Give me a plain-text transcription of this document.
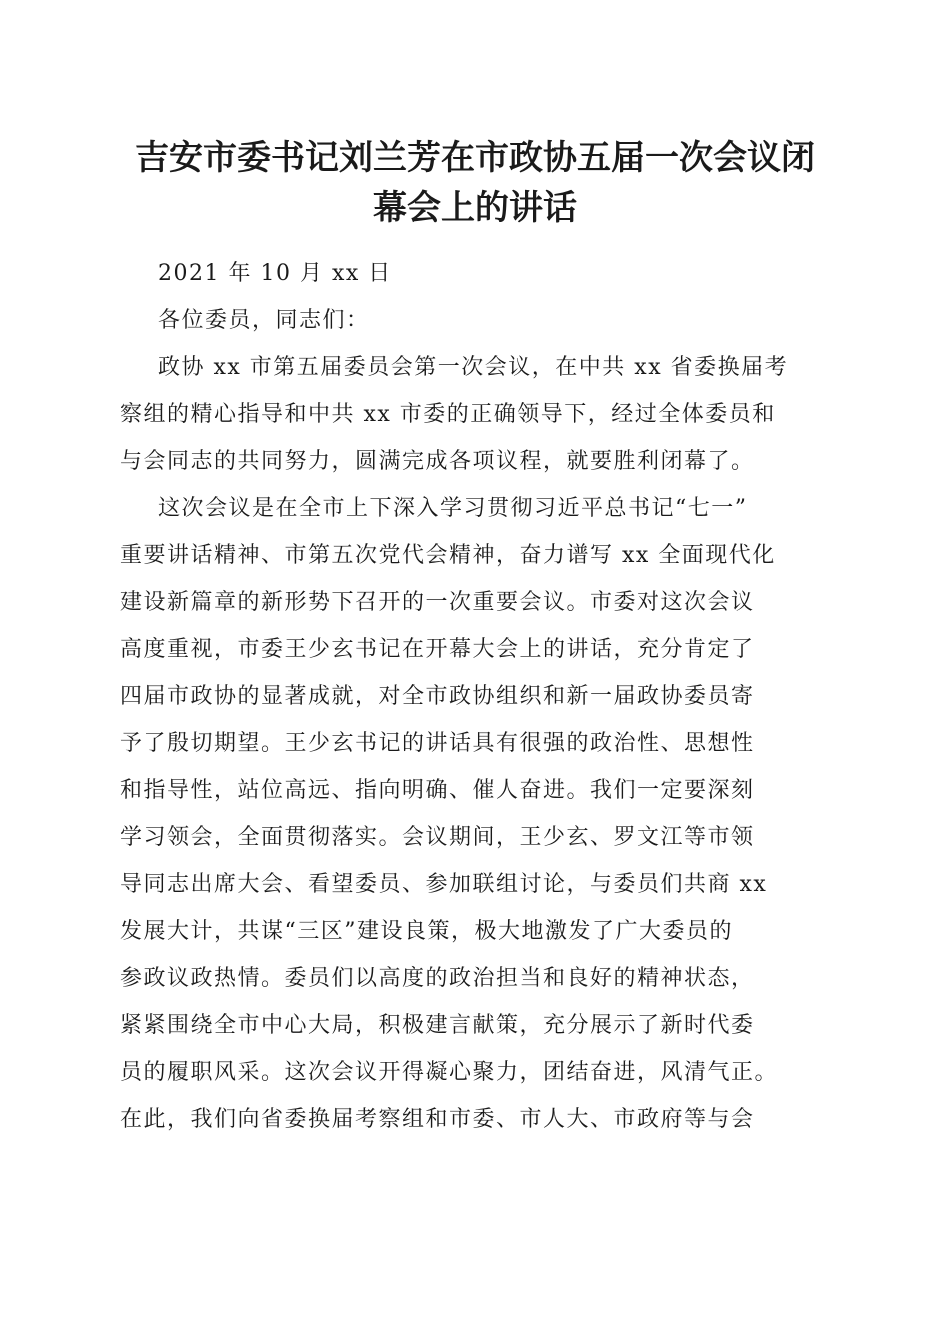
吉安市委书记刘兰芳在市政协五届一次会议闭
幕会上的讲话
2021 年 10 月 xx 日
各位委员，同志们：
政协 xx 市第五届委员会第一次会议，在中共 xx 省委换届考
察组的精心指导和中共 xx 市委的正确领导下，经过全体委员和
与会同志的共同努力，圆满完成各项议程，就要胜利闭幕了。
这次会议是在全市上下深入学习贯彻习近平总书记“七一”
重要讲话精神、市第五次党代会精神，奋力谱写 xx 全面现代化
建设新篇章的新形势下召开的一次重要会议。市委对这次会议
高度重视，市委王少玄书记在开幕大会上的讲话，充分肯定了
四届市政协的显著成就，对全市政协组织和新一届政协委员寄
予了殷切期望。王少玄书记的讲话具有很强的政治性、思想性
和指导性，站位高远、指向明确、催人奋进。我们一定要深刻
学习领会，全面贯彻落实。会议期间，王少玄、罗文江等市领
导同志出席大会、看望委员、参加联组讨论，与委员们共商 xx
发展大计，共谋“三区”建设良策，极大地激发了广大委员的
参政议政热情。委员们以高度的政治担当和良好的精神状态，
紧紧围绕全市中心大局，积极建言献策，充分展示了新时代委
员的履职风采。这次会议开得凝心聚力，团结奋进，风清气正。
在此，我们向省委换届考察组和市委、市人大、市政府等与会
